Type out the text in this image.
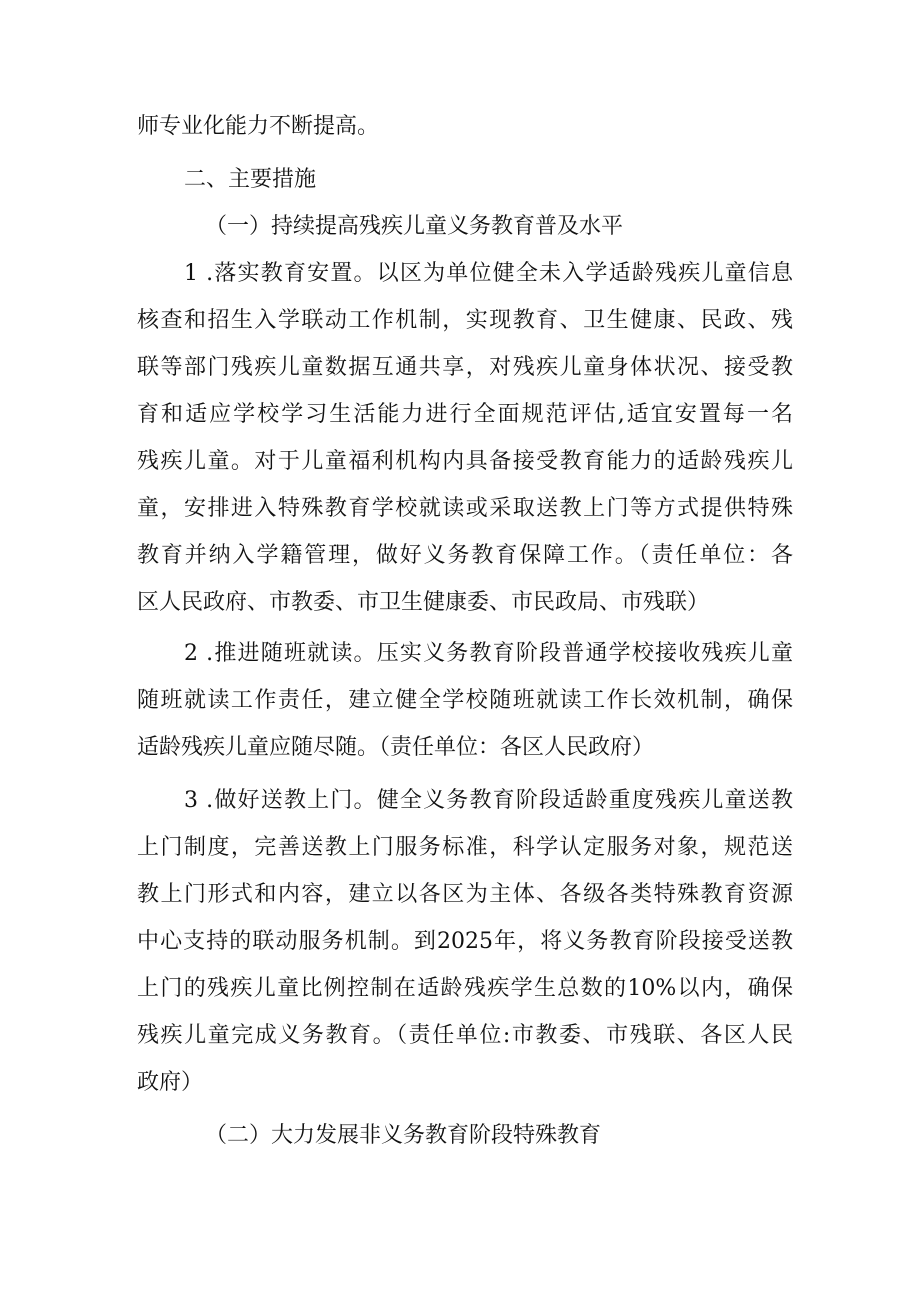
师专业化能力不断提高。
二、主要措施
（一）持续提高残疾儿童义务教育普及水平
1 .落实教育安置。以区为单位健全未入学适龄残疾儿童信息
核查和招生入学联动工作机制，实现教育、卫生健康、民政、残
联等部门残疾儿童数据互通共享，对残疾儿童身体状况、接受教
育和适应学校学习生活能力进行全面规范评估,适宜安置每一名
残疾儿童。对于儿童福利机构内具备接受教育能力的适龄残疾儿
童，安排进入特殊教育学校就读或采取送教上门等方式提供特殊
教育并纳入学籍管理，做好义务教育保障工作。（责任单位：各
区人民政府、市教委、市卫生健康委、市民政局、市残联）
2 .推进随班就读。压实义务教育阶段普通学校接收残疾儿童
随班就读工作责任，建立健全学校随班就读工作长效机制，确保
适龄残疾儿童应随尽随。（责任单位：各区人民政府）
3 .做好送教上门。健全义务教育阶段适龄重度残疾儿童送教
上门制度，完善送教上门服务标准，科学认定服务对象，规范送
教上门形式和内容，建立以各区为主体、各级各类特殊教育资源
中心支持的联动服务机制。到2025年，将义务教育阶段接受送教
上门的残疾儿童比例控制在适龄残疾学生总数的10%以内，确保
残疾儿童完成义务教育。（责任单位:市教委、市残联、各区人民
政府）
（二）大力发展非义务教育阶段特殊教育
